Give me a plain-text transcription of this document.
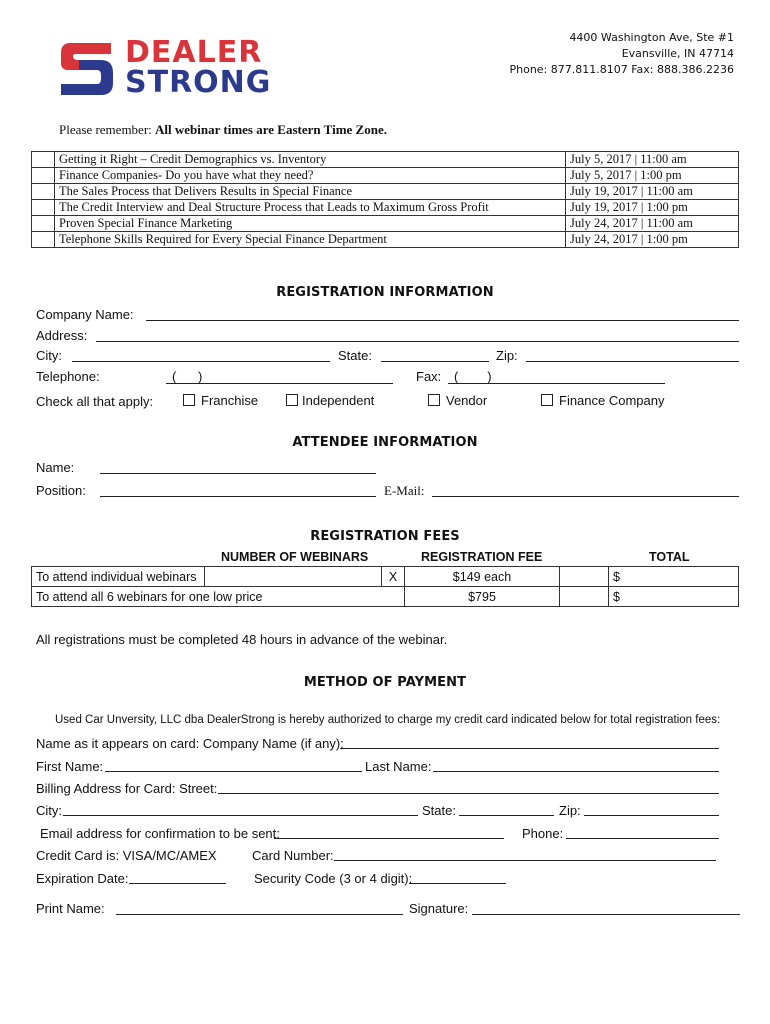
DEALER
STRONG
4400 Washington Ave, Ste #1
Evansville, IN 47714
Phone: 877.811.8107 Fax: 888.386.2236
Please remember: All webinar times are Eastern Time Zone.
	Getting it Right – Credit Demographics vs. Inventory	July 5, 2017 | 11:00 am
	Finance Companies- Do you have what they need?	July 5, 2017 | 1:00 pm
	The Sales Process that Delivers Results in Special Finance	July 19, 2017 | 11:00 am
	The Credit Interview and Deal Structure Process that Leads to Maximum Gross Profit	July 19, 2017 | 1:00 pm
	Proven Special Finance Marketing	July 24, 2017 | 11:00 am
	Telephone Skills Required for Every Special Finance Department	July 24, 2017 | 1:00 pm
REGISTRATION INFORMATION
Company Name:
Address:
City:	State:	Zip:
Telephone:	(      )	Fax: (        )
Check all that apply:	Franchise	Independent	Vendor	Finance Company
ATTENDEE INFORMATION
Name:
Position:	E-Mail:
REGISTRATION FEES
NUMBER OF WEBINARS	REGISTRATION FEE	TOTAL
To attend individual webinars		X	$149 each		$
To attend all 6 webinars for one low price			$795		$
All registrations must be completed 48 hours in advance of the webinar.
METHOD OF PAYMENT
Used Car Unversity, LLC dba DealerStrong is hereby authorized to charge my credit card indicated below for total registration fees:
Name as it appears on card: Company Name (if any):
First Name:	Last Name:
Billing Address for Card: Street:
City:	State:	Zip:
Email address for confirmation to be sent:	Phone:
Credit Card is: VISA/MC/AMEX	Card Number:
Expiration Date:	Security Code (3 or 4 digit):
Print Name:	Signature:
